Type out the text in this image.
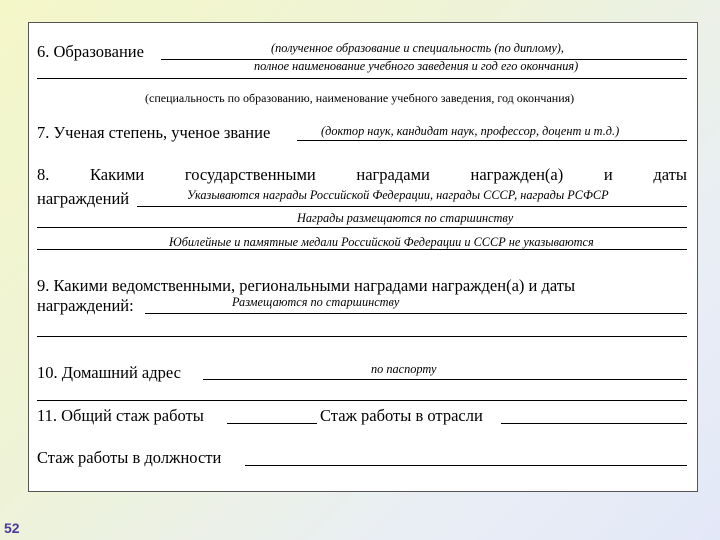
6. Образование	(полученное образование и специальность (по диплому),
полное наименование учебного заведения и год его окончания)
(специальность по образованию, наименование учебного заведения, год окончания)
7. Ученая степень, ученое звание	(доктор наук, кандидат наук, профессор, доцент и т.д.)
8. Какими государственными наградами награжден(а) и даты
награждений	Указываются награды Российской Федерации, награды СССР, награды РСФСР
Награды размещаются по старшинству
Юбилейные и памятные медали Российской Федерации и СССР не указываются
9. Какими ведомственными, региональными наградами награжден(а) и даты
награждений:	Размещаются по старшинству
10. Домашний адрес	по паспорту
11. Общий стаж работы	Стаж работы в отрасли
Стаж работы в должности
52
